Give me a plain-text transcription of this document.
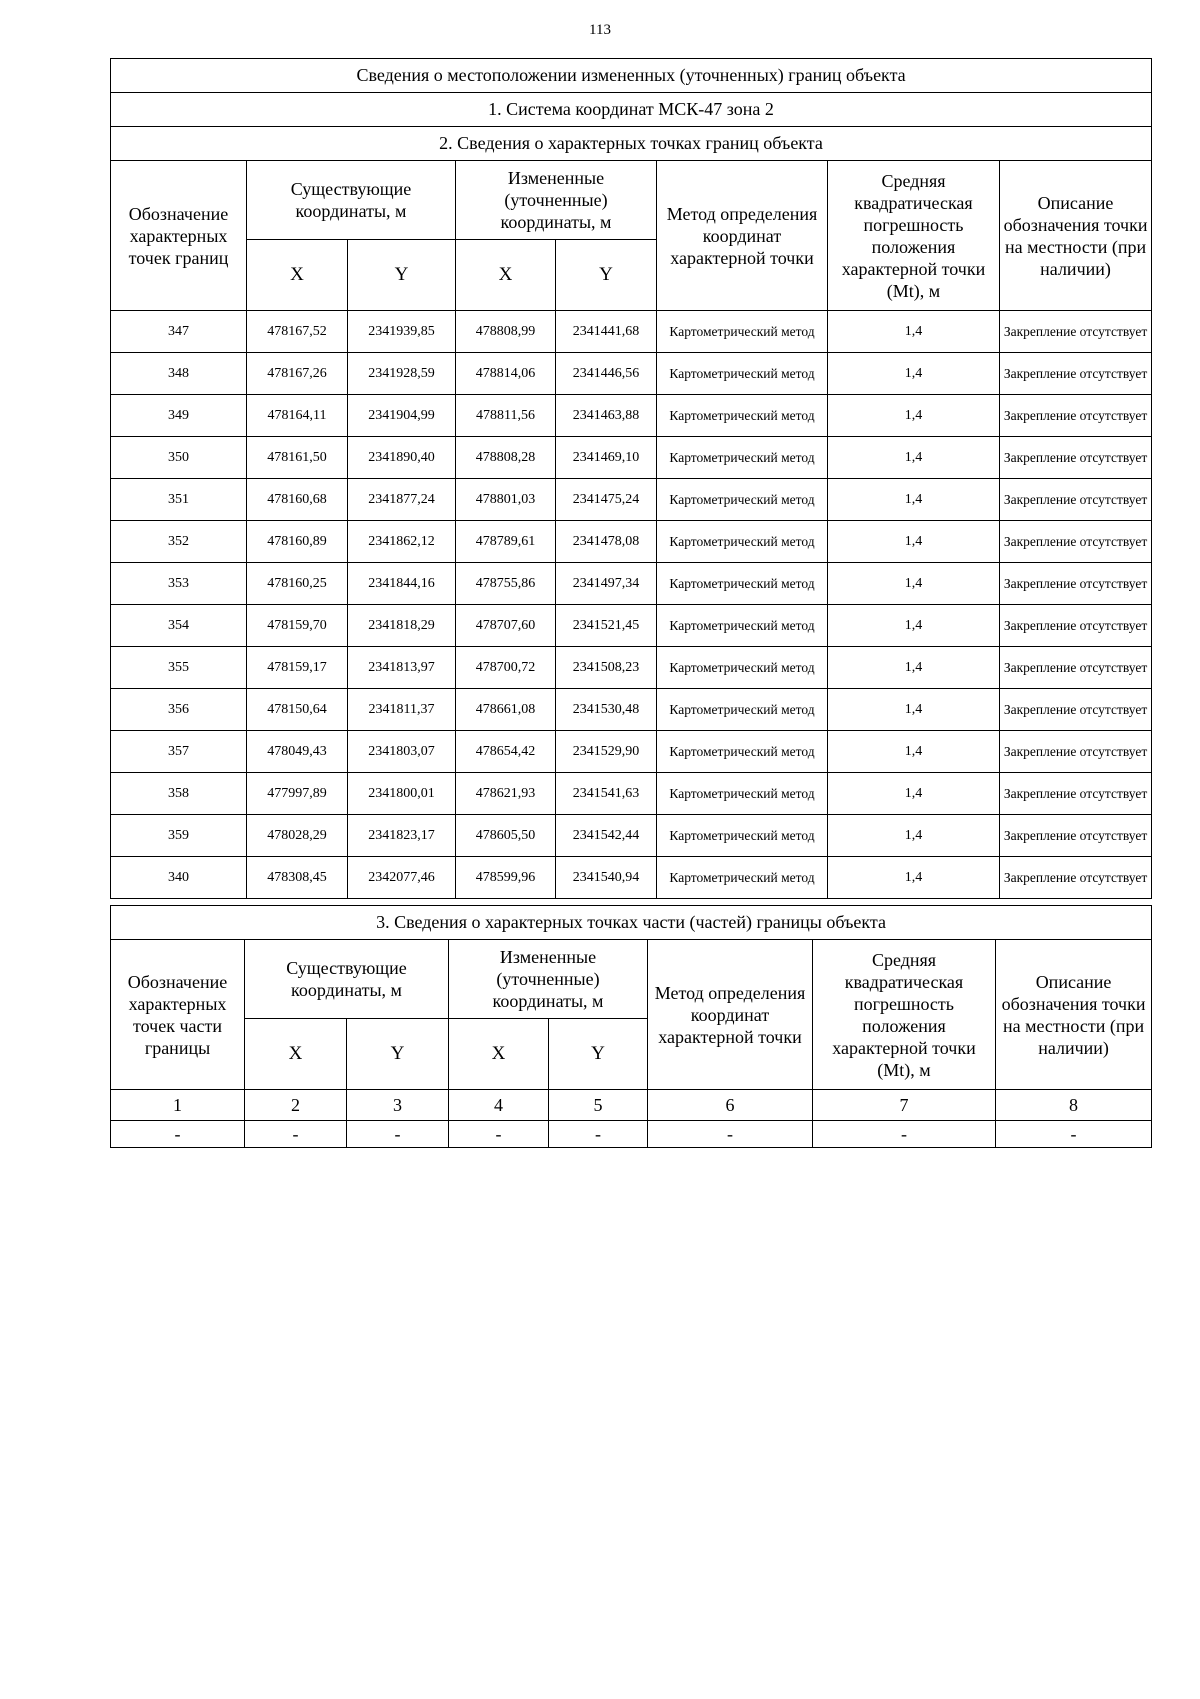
113
Сведения о местоположении измененных (уточненных) границ объекта							
1. Система координат МСК-47 зона 2							
2. Сведения о характерных точках границ объекта							
Обозначение характерных точек границ	Существующие координаты, м		Измененные (уточненные) координаты, м		Метод определения координат характерной точки	Средняя квадратическая погрешность положения характерной точки (Mt), м	Описание обозначения точки на местности (при наличии)
	X	Y	X	Y			
347	478167,52	2341939,85	478808,99	2341441,68	Картометрический метод	1,4	Закрепление отсутствует
348	478167,26	2341928,59	478814,06	2341446,56	Картометрический метод	1,4	Закрепление отсутствует
349	478164,11	2341904,99	478811,56	2341463,88	Картометрический метод	1,4	Закрепление отсутствует
350	478161,50	2341890,40	478808,28	2341469,10	Картометрический метод	1,4	Закрепление отсутствует
351	478160,68	2341877,24	478801,03	2341475,24	Картометрический метод	1,4	Закрепление отсутствует
352	478160,89	2341862,12	478789,61	2341478,08	Картометрический метод	1,4	Закрепление отсутствует
353	478160,25	2341844,16	478755,86	2341497,34	Картометрический метод	1,4	Закрепление отсутствует
354	478159,70	2341818,29	478707,60	2341521,45	Картометрический метод	1,4	Закрепление отсутствует
355	478159,17	2341813,97	478700,72	2341508,23	Картометрический метод	1,4	Закрепление отсутствует
356	478150,64	2341811,37	478661,08	2341530,48	Картометрический метод	1,4	Закрепление отсутствует
357	478049,43	2341803,07	478654,42	2341529,90	Картометрический метод	1,4	Закрепление отсутствует
358	477997,89	2341800,01	478621,93	2341541,63	Картометрический метод	1,4	Закрепление отсутствует
359	478028,29	2341823,17	478605,50	2341542,44	Картометрический метод	1,4	Закрепление отсутствует
340	478308,45	2342077,46	478599,96	2341540,94	Картометрический метод	1,4	Закрепление отсутствует
3. Сведения о характерных точках части (частей) границы объекта							
Обозначение характерных точек части границы	Существующие координаты, м		Измененные (уточненные) координаты, м		Метод определения координат характерной точки	Средняя квадратическая погрешность положения характерной точки (Mt), м	Описание обозначения точки на местности (при наличии)
	X	Y	X	Y			
1	2	3	4	5	6	7	8
-	-	-	-	-	-	-	-
